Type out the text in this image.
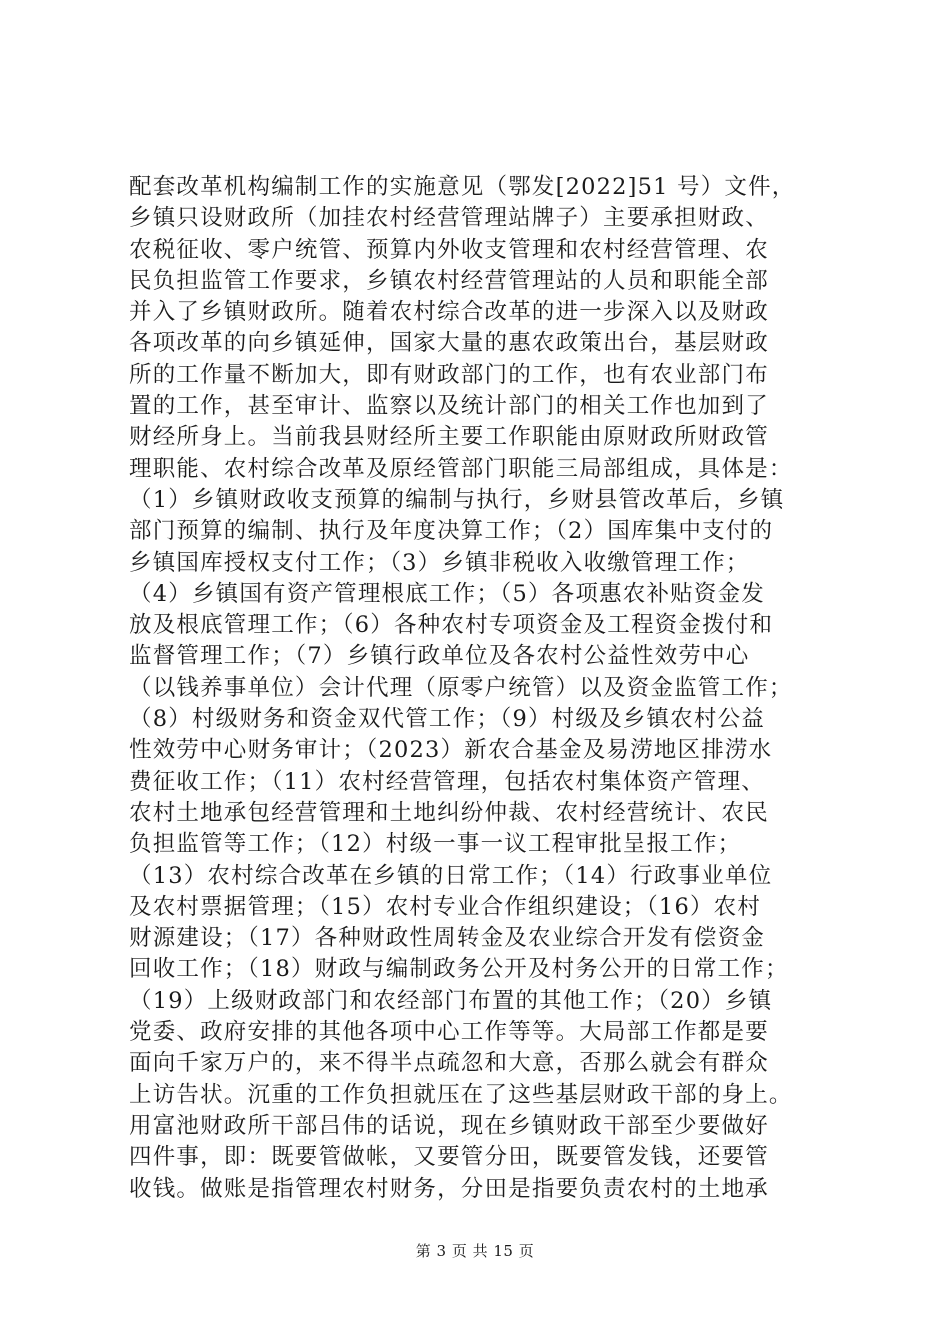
配套改革机构编制工作的实施意见（鄂发[2022]51 号）文件，
乡镇只设财政所（加挂农村经营管理站牌子）主要承担财政、
农税征收、零户统管、预算内外收支管理和农村经营管理、农
民负担监管工作要求，乡镇农村经营管理站的人员和职能全部
并入了乡镇财政所。随着农村综合改革的进一步深入以及财政
各项改革的向乡镇延伸，国家大量的惠农政策出台，基层财政
所的工作量不断加大，即有财政部门的工作，也有农业部门布
置的工作，甚至审计、监察以及统计部门的相关工作也加到了
财经所身上。当前我县财经所主要工作职能由原财政所财政管
理职能、农村综合改革及原经管部门职能三局部组成，具体是：
（1）乡镇财政收支预算的编制与执行，乡财县管改革后，乡镇
部门预算的编制、执行及年度决算工作；（2）国库集中支付的
乡镇国库授权支付工作；（3）乡镇非税收入收缴管理工作；
（4）乡镇国有资产管理根底工作；（5）各项惠农补贴资金发
放及根底管理工作；（6）各种农村专项资金及工程资金拨付和
监督管理工作；（7）乡镇行政单位及各农村公益性效劳中心
（以钱养事单位）会计代理（原零户统管）以及资金监管工作；
（8）村级财务和资金双代管工作；（9）村级及乡镇农村公益
性效劳中心财务审计；（2023）新农合基金及易涝地区排涝水
费征收工作；（11）农村经营管理，包括农村集体资产管理、
农村土地承包经营管理和土地纠纷仲裁、农村经营统计、农民
负担监管等工作；（12）村级一事一议工程审批呈报工作；
（13）农村综合改革在乡镇的日常工作；（14）行政事业单位
及农村票据管理；（15）农村专业合作组织建设；（16）农村
财源建设；（17）各种财政性周转金及农业综合开发有偿资金
回收工作；（18）财政与编制政务公开及村务公开的日常工作；
（19）上级财政部门和农经部门布置的其他工作；（20）乡镇
党委、政府安排的其他各项中心工作等等。大局部工作都是要
面向千家万户的，来不得半点疏忽和大意，否那么就会有群众
上访告状。沉重的工作负担就压在了这些基层财政干部的身上。
用富池财政所干部吕伟的话说，现在乡镇财政干部至少要做好
四件事，即：既要管做帐，又要管分田，既要管发钱，还要管
收钱。做账是指管理农村财务，分田是指要负责农村的土地承
第 3 页 共 15 页
